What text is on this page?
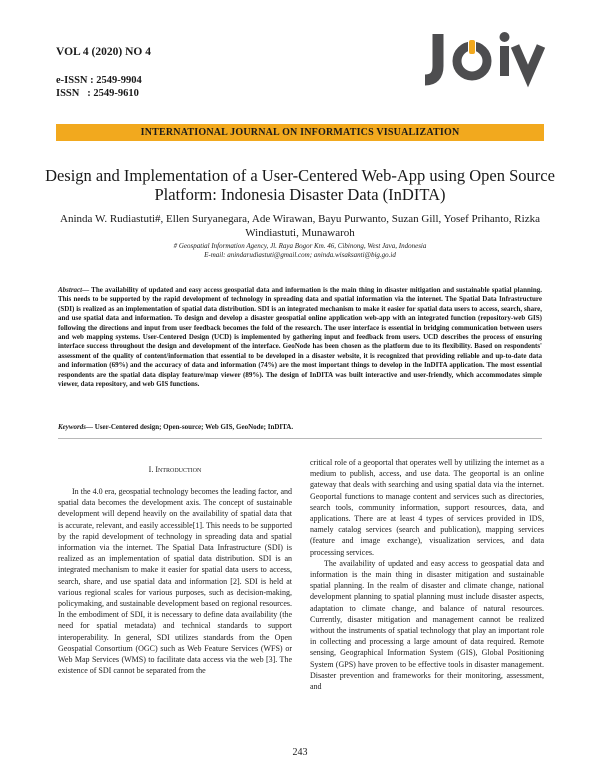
VOL 4 (2020) NO 4
e-ISSN : 2549-9904
ISSN   : 2549-9610
INTERNATIONAL JOURNAL ON INFORMATICS VISUALIZATION
Design and Implementation of a User-Centered Web-App using Open Source Platform: Indonesia Disaster Data (InDITA)
Aninda W. Rudiastuti#, Ellen Suryanegara, Ade Wirawan, Bayu Purwanto, Suzan Gill, Yosef Prihanto, Rizka Windiastuti, Munawaroh
# Geospatial Information Agency, Jl. Raya Bogor Km. 46, Cibinong, West Java, Indonesia
E-mail: anindarudiastuti@gmail.com; aninda.wisaksanti@big.go.id
Abstract— The availability of updated and easy access geospatial data and information is the main thing in disaster mitigation and sustainable spatial planning. This needs to be supported by the rapid development of technology in spreading data and spatial information via the internet. The Spatial Data Infrastructure (SDI) is realized as an implementation of spatial data distribution. SDI is an integrated mechanism to make it easier for spatial data users to access, search, share, and use spatial data and information. To design and develop a disaster geospatial online application web-app with an integrated function (repository-web GIS) following the directions and input from user feedback becomes the fold of the research. The user interface is essential in bridging communication between users and web mapping systems. User-Centered Design (UCD) is implemented by gathering input and feedback from users. UCD describes the process of ensuring interface success throughout the design and development of the interface. GeoNode has been chosen as the platform due to its flexibility. Based on respondents' assessment of the quality of content/information that essential to be developed in a disaster website, it is recognized that providing reliable and up-to-date data and information (69%) and the accuracy of data and information (74%) are the most important things to develop in the InDITA application. The most essential respondents are the spatial data display feature/map viewer (89%). The design of InDITA was built interactive and user-friendly, which accommodates simple viewer, data repository, and web GIS functions.
Keywords— User-Centered design; Open-source; Web GIS, GeoNode; InDITA.
I. Introduction

In the 4.0 era, geospatial technology becomes the leading factor, and spatial data becomes the development axis. The concept of sustainable development will depend heavily on the availability of spatial data that is accurate, relevant, and easily accessible[1]. This needs to be supported by the rapid development of technology in spreading data and spatial information via the internet. The Spatial Data Infrastructure (SDI) is realized as an implementation of spatial data distribution. SDI is an integrated mechanism to make it easier for spatial data users to access, search, share, and use spatial data and information [2]. SDI is held at various regional scales for various purposes, such as decision-making, policymaking, and sustainable development based on regional resources. In the embodiment of SDI, it is necessary to define data availability (the need for spatial metadata) and technical standards to support interoperability. In general, SDI utilizes standards from the Open Geospatial Consortium (OGC) such as Web Feature Services (WFS) or Web Map Services (WMS) to facilitate data access via the web [3]. The existence of SDI cannot be separated from the

critical role of a geoportal that operates well by utilizing the internet as a medium to publish, access, and use data. The geoportal is an online gateway that deals with searching and using spatial data via the internet. Geoportal functions to manage content and services such as directories, search tools, community information, support resources, data, and applications. There are at least 4 types of services provided in IDS, namely catalog services (search and publication), mapping services (feature and image exchange), visualization services, and data processing services.

The availability of updated and easy access to geospatial data and information is the main thing in disaster mitigation and sustainable spatial planning. In the realm of disaster and climate change, national development planning to spatial planning must include disaster aspects, adaptation to climate change, and balance of natural resources. Currently, disaster mitigation and management cannot be realized without the instruments of spatial technology that play an important role in collecting and processing a large amount of data required. Remote sensing, Geographical Information System (GIS), Global Positioning System (GPS) have proven to be effective tools in disaster management. Disaster prevention and frameworks for their monitoring, assessment, and

243
